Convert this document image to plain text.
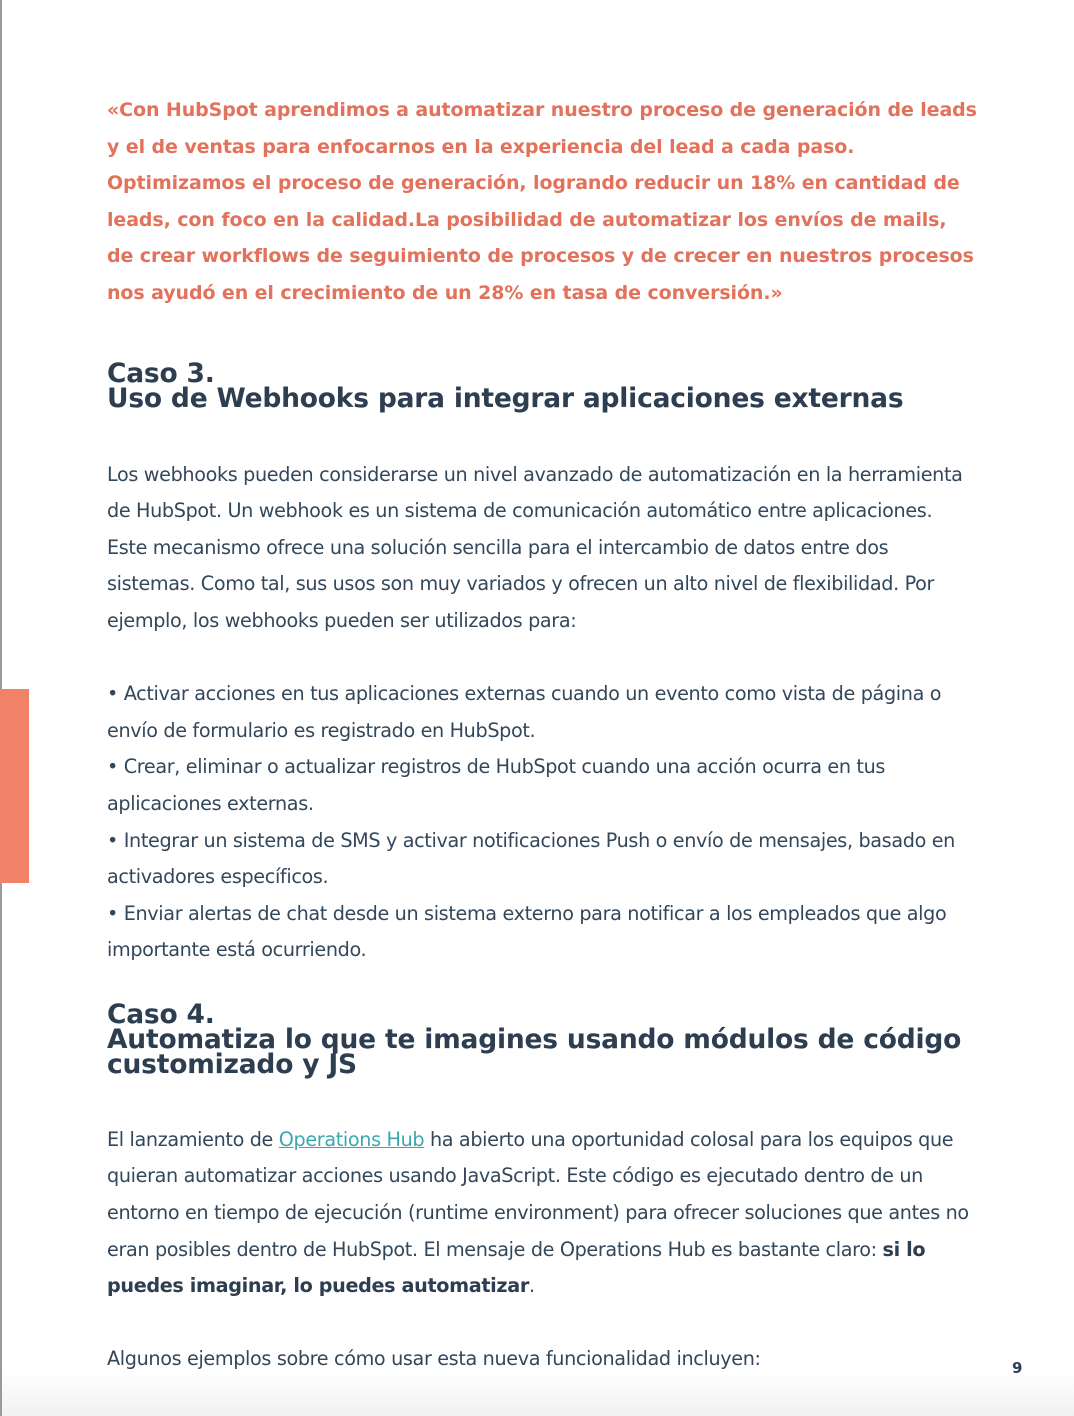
«Con HubSpot aprendimos a automatizar nuestro proceso de generación de leads y el de ventas para enfocarnos en la experiencia del lead a cada paso. Optimizamos el proceso de generación, logrando reducir un 18% en cantidad de leads, con foco en la calidad.La posibilidad de automatizar los envíos de mails, de crear workflows de seguimiento de procesos y de crecer en nuestros procesos nos ayudó en el crecimiento de un 28% en tasa de conversión.»

Caso 3.
Uso de Webhooks para integrar aplicaciones externas

Los webhooks pueden considerarse un nivel avanzado de automatización en la herramienta de HubSpot. Un webhook es un sistema de comunicación automático entre aplicaciones. Este mecanismo ofrece una solución sencilla para el intercambio de datos entre dos sistemas. Como tal, sus usos son muy variados y ofrecen un alto nivel de flexibilidad. Por ejemplo, los webhooks pueden ser utilizados para:

• Activar acciones en tus aplicaciones externas cuando un evento como vista de página o envío de formulario es registrado en HubSpot.
• Crear, eliminar o actualizar registros de HubSpot cuando una acción ocurra en tus aplicaciones externas.
• Integrar un sistema de SMS y activar notificaciones Push o envío de mensajes, basado en activadores específicos.
• Enviar alertas de chat desde un sistema externo para notificar a los empleados que algo importante está ocurriendo.
Caso 4.
Automatiza lo que te imagines usando módulos de código customizado y JS

El lanzamiento de Operations Hub ha abierto una oportunidad colosal para los equipos que quieran automatizar acciones usando JavaScript. Este código es ejecutado dentro de un entorno en tiempo de ejecución (runtime environment) para ofrecer soluciones que antes no eran posibles dentro de HubSpot. El mensaje de Operations Hub es bastante claro: si lo puedes imaginar, lo puedes automatizar.

Algunos ejemplos sobre cómo usar esta nueva funcionalidad incluyen:	9
